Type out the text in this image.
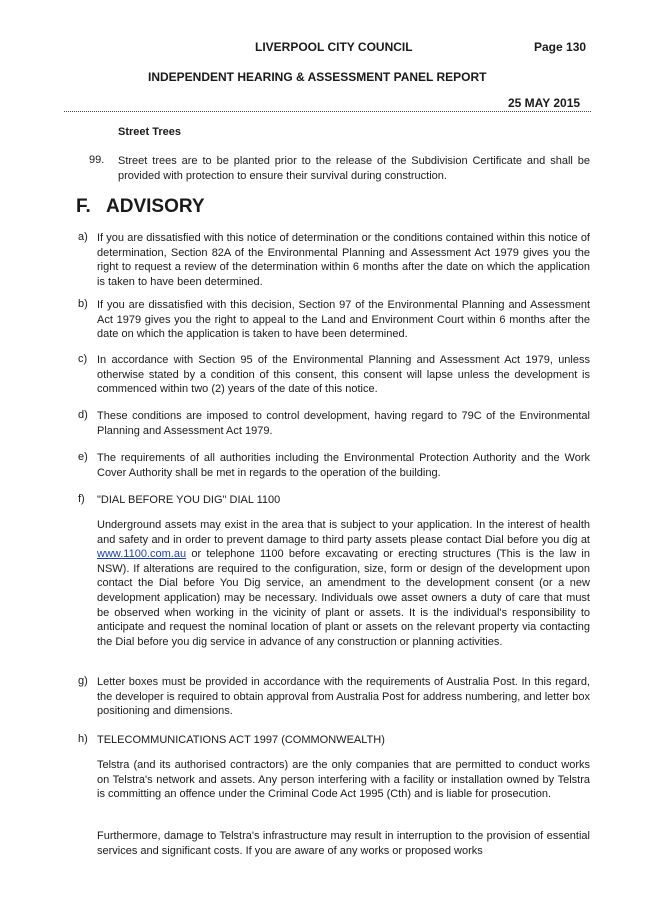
LIVERPOOL CITY COUNCIL	Page 130
INDEPENDENT HEARING & ASSESSMENT PANEL REPORT
25 MAY 2015
Street Trees
99. Street trees are to be planted prior to the release of the Subdivision Certificate and shall be provided with protection to ensure their survival during construction.
F. ADVISORY
a) If you are dissatisfied with this notice of determination or the conditions contained within this notice of determination, Section 82A of the Environmental Planning and Assessment Act 1979 gives you the right to request a review of the determination within 6 months after the date on which the application is taken to have been determined.
b) If you are dissatisfied with this decision, Section 97 of the Environmental Planning and Assessment Act 1979 gives you the right to appeal to the Land and Environment Court within 6 months after the date on which the application is taken to have been determined.
c) In accordance with Section 95 of the Environmental Planning and Assessment Act 1979, unless otherwise stated by a condition of this consent, this consent will lapse unless the development is commenced within two (2) years of the date of this notice.
d) These conditions are imposed to control development, having regard to 79C of the Environmental Planning and Assessment Act 1979.
e) The requirements of all authorities including the Environmental Protection Authority and the Work Cover Authority shall be met in regards to the operation of the building.
f) "DIAL BEFORE YOU DIG" DIAL 1100
Underground assets may exist in the area that is subject to your application. In the interest of health and safety and in order to prevent damage to third party assets please contact Dial before you dig at www.1100.com.au or telephone 1100 before excavating or erecting structures (This is the law in NSW). If alterations are required to the configuration, size, form or design of the development upon contact the Dial before You Dig service, an amendment to the development consent (or a new development application) may be necessary. Individuals owe asset owners a duty of care that must be observed when working in the vicinity of plant or assets. It is the individual's responsibility to anticipate and request the nominal location of plant or assets on the relevant property via contacting the Dial before you dig service in advance of any construction or planning activities.
g) Letter boxes must be provided in accordance with the requirements of Australia Post. In this regard, the developer is required to obtain approval from Australia Post for address numbering, and letter box positioning and dimensions.
h) TELECOMMUNICATIONS ACT 1997 (COMMONWEALTH)
Telstra (and its authorised contractors) are the only companies that are permitted to conduct works on Telstra's network and assets. Any person interfering with a facility or installation owned by Telstra is committing an offence under the Criminal Code Act 1995 (Cth) and is liable for prosecution.
Furthermore, damage to Telstra's infrastructure may result in interruption to the provision of essential services and significant costs. If you are aware of any works or proposed works
